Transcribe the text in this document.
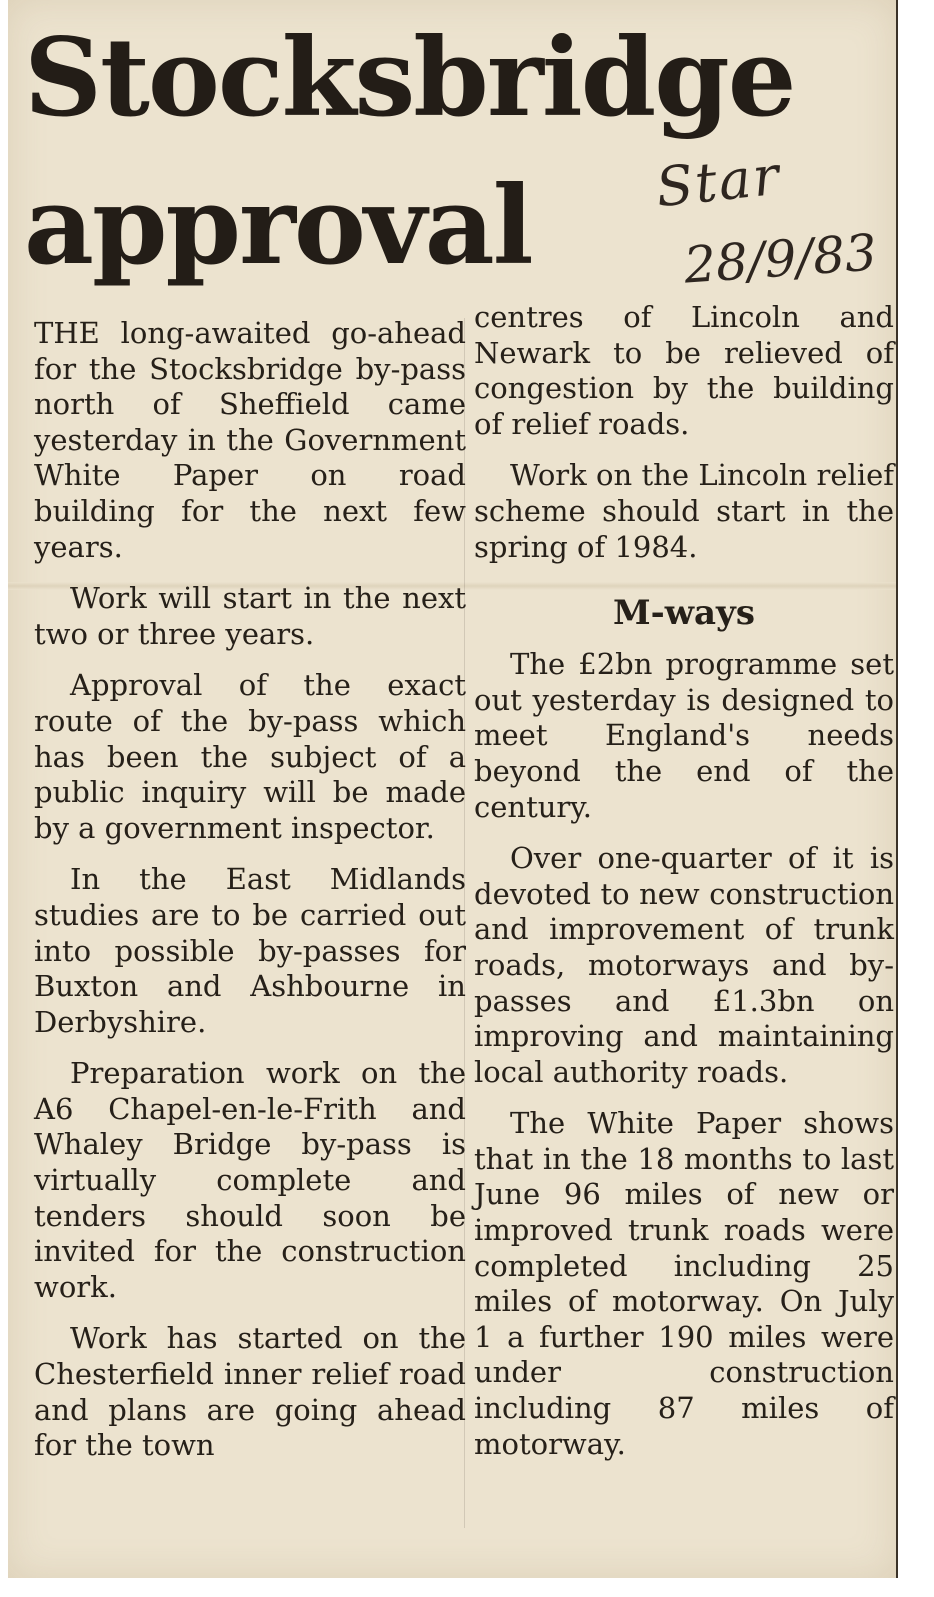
Stocksbridge
approval	Star
28/9/83

THE long-awaited go-ahead for the Stocksbridge by-pass north of Sheffield came yesterday in the Government White Paper on road building for the next few years.

Work will start in the next two or three years.

Approval of the exact route of the by-pass which has been the subject of a public inquiry will be made by a government inspector.

In the East Midlands studies are to be carried out into possible by-passes for Buxton and Ashbourne in Derbyshire.

Preparation work on the A6 Chapel-en-le-Frith and Whaley Bridge by-pass is virtually complete and tenders should soon be invited for the construction work.

Work has started on the Chesterfield inner relief road and plans are going ahead for the town

centres of Lincoln and Newark to be relieved of congestion by the building of relief roads.

Work on the Lincoln relief scheme should start in the spring of 1984.

M-ways

The £2bn programme set out yesterday is designed to meet England's needs beyond the end of the century.

Over one-quarter of it is devoted to new construction and improvement of trunk roads, motorways and by-passes and £1.3bn on improving and maintaining local authority roads.

The White Paper shows that in the 18 months to last June 96 miles of new or improved trunk roads were completed including 25 miles of motorway. On July 1 a further 190 miles were under construction including 87 miles of motorway.
